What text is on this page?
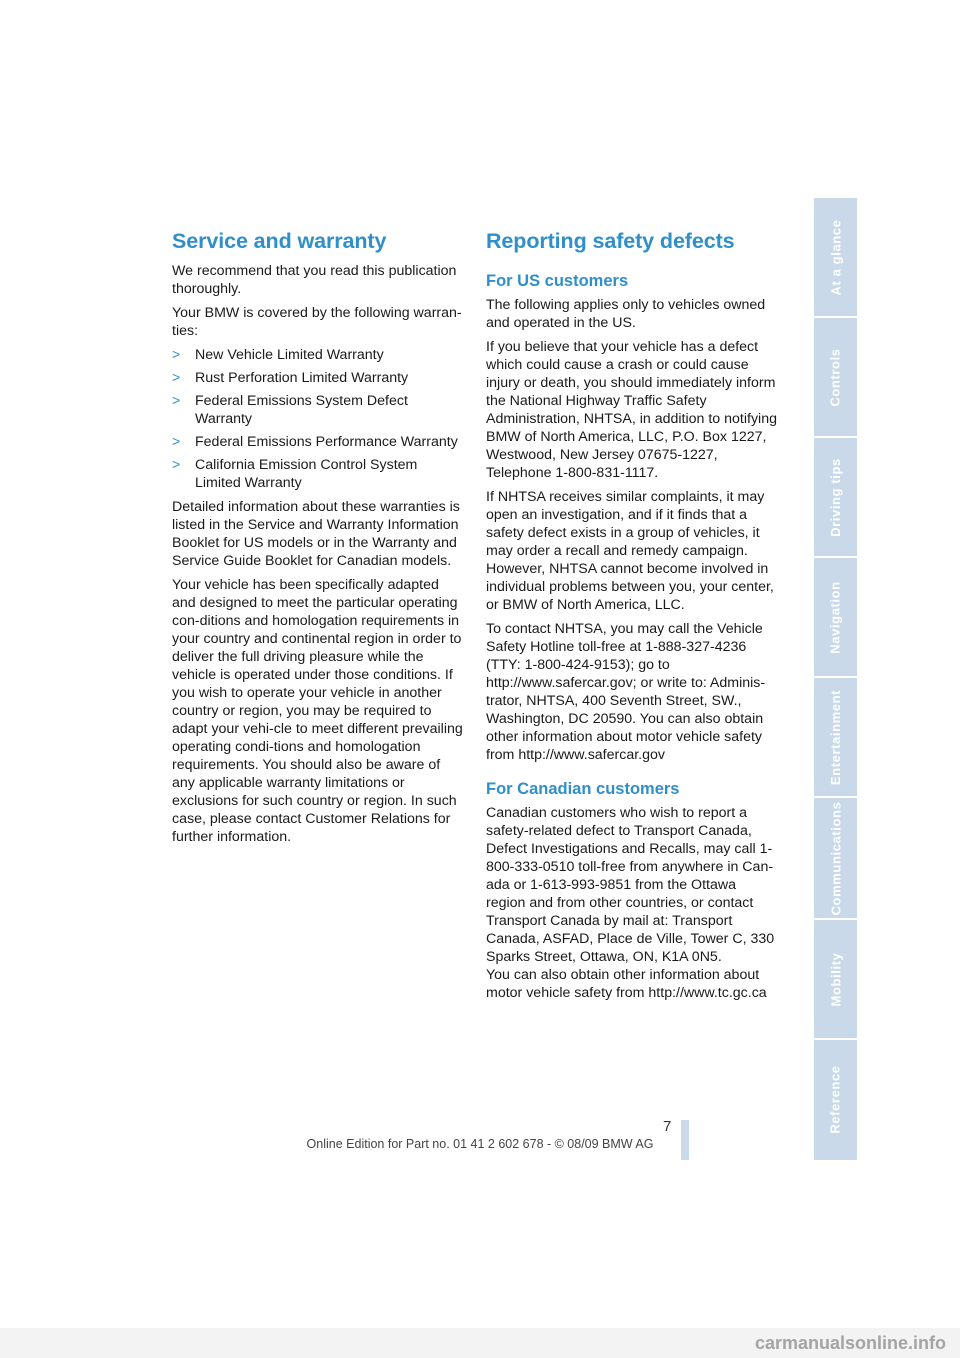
Service and warranty

We recommend that you read this publication thoroughly.

Your BMW is covered by the following warran-ties:

> New Vehicle Limited Warranty
> Rust Perforation Limited Warranty
> Federal Emissions System Defect Warranty
> Federal Emissions Performance Warranty
> California Emission Control System Limited Warranty

Detailed information about these warranties is listed in the Service and Warranty Information Booklet for US models or in the Warranty and Service Guide Booklet for Canadian models.

Your vehicle has been specifically adapted and designed to meet the particular operating con-ditions and homologation requirements in your country and continental region in order to deliver the full driving pleasure while the vehicle is operated under those conditions. If you wish to operate your vehicle in another country or region, you may be required to adapt your vehi-cle to meet different prevailing operating condi-tions and homologation requirements. You should also be aware of any applicable warranty limitations or exclusions for such country or region. In such case, please contact Customer Relations for further information.

Reporting safety defects
For US customers

The following applies only to vehicles owned and operated in the US.

If you believe that your vehicle has a defect which could cause a crash or could cause injury or death, you should immediately inform the National Highway Traffic Safety Administration, NHTSA, in addition to notifying BMW of North America, LLC, P.O. Box 1227, Westwood, New Jersey 07675-1227, Telephone 1-800-831-1117.

If NHTSA receives similar complaints, it may open an investigation, and if it finds that a safety defect exists in a group of vehicles, it may order a recall and remedy campaign. However, NHTSA cannot become involved in individual problems between you, your center, or BMW of North America, LLC.

To contact NHTSA, you may call the Vehicle Safety Hotline toll-free at 1-888-327-4236 (TTY: 1-800-424-9153); go to http://www.safercar.gov; or write to: Adminis-trator, NHTSA, 400 Seventh Street, SW., Washington, DC 20590. You can also obtain other information about motor vehicle safety from http://www.safercar.gov

For Canadian customers

Canadian customers who wish to report a safety-related defect to Transport Canada, Defect Investigations and Recalls, may call 1-800-333-0510 toll-free from anywhere in Can-ada or 1-613-993-9851 from the Ottawa region and from other countries, or contact Transport Canada by mail at: Transport Canada, ASFAD, Place de Ville, Tower C, 330 Sparks Street, Ottawa, ON, K1A 0N5.

You can also obtain other information about motor vehicle safety from http://www.tc.gc.ca

At a glance
Controls
Driving tips
Navigation
Entertainment
Communications
Mobility
Reference
7
Online Edition for Part no. 01 41 2 602 678 - © 08/09 BMW AG
carmanualsonline.info
